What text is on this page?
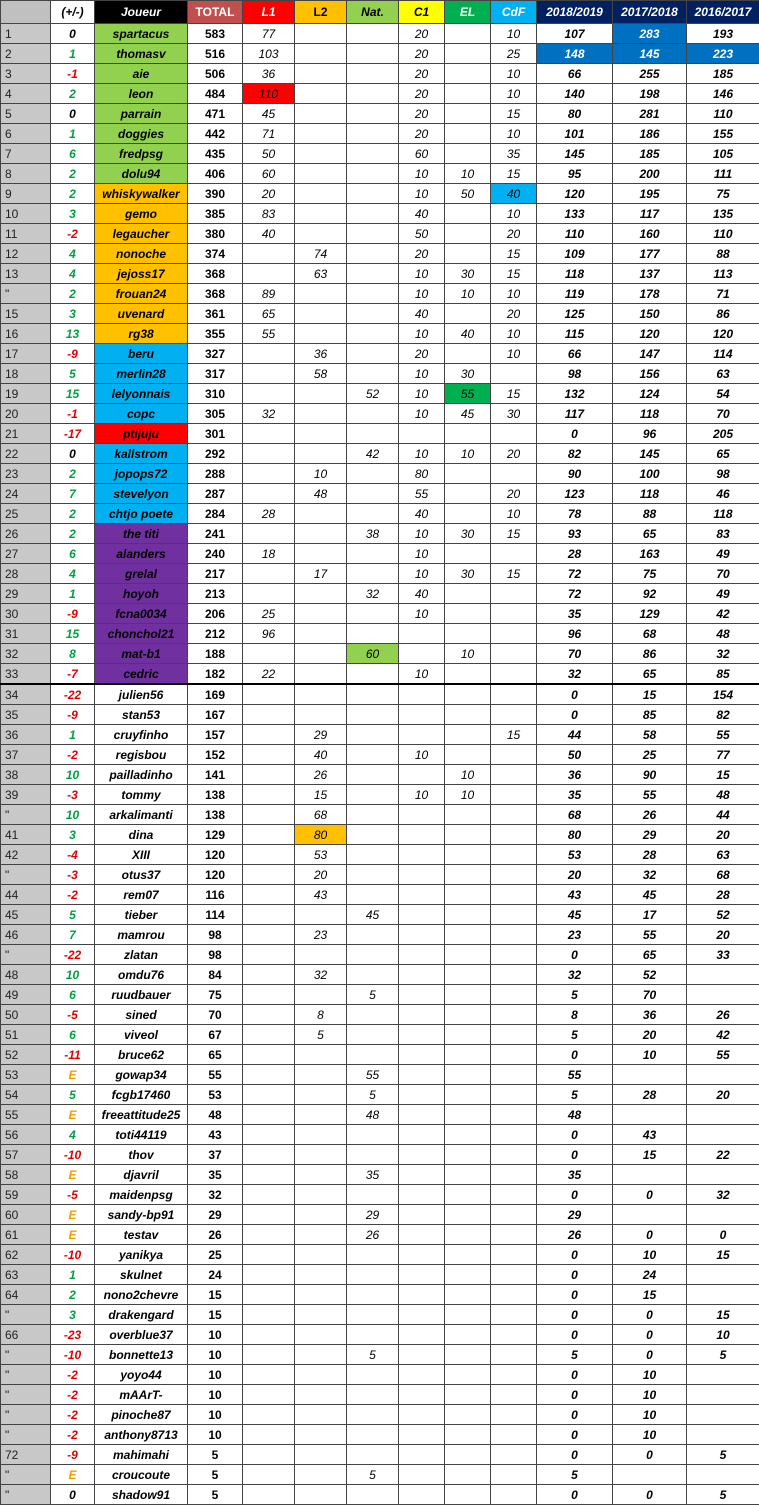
	(+/-)	Joueur	TOTAL	L1	L2	Nat.	C1	EL	CdF	2018/2019	2017/2018	2016/2017
1	0	spartacus	583	77			20		10	107	283	193
2	1	thomasv	516	103			20		25	148	145	223
3	-1	aie	506	36			20		10	66	255	185
4	2	leon	484	110			20		10	140	198	146
5	0	parrain	471	45			20		15	80	281	110
6	1	doggies	442	71			20		10	101	186	155
7	6	fredpsg	435	50			60		35	145	185	105
8	2	dolu94	406	60			10	10	15	95	200	111
9	2	whiskywalker	390	20			10	50	40	120	195	75
10	3	gemo	385	83			40		10	133	117	135
11	-2	legaucher	380	40			50		20	110	160	110
12	4	nonoche	374		74		20		15	109	177	88
13	4	jejoss17	368		63		10	30	15	118	137	113
"	2	frouan24	368	89			10	10	10	119	178	71
15	3	uvenard	361	65			40		20	125	150	86
16	13	rg38	355	55			10	40	10	115	120	120
17	-9	beru	327		36		20		10	66	147	114
18	5	merlin28	317		58		10	30		98	156	63
19	15	lelyonnais	310			52	10	55	15	132	124	54
20	-1	copc	305	32			10	45	30	117	118	70
21	-17	ptijuju	301							0	96	205
22	0	kallstrom	292			42	10	10	20	82	145	65
23	2	jopops72	288		10		80			90	100	98
24	7	stevelyon	287		48		55		20	123	118	46
25	2	chtjo poete	284	28			40		10	78	88	118
26	2	the titi	241			38	10	30	15	93	65	83
27	6	alanders	240	18			10			28	163	49
28	4	grelal	217		17		10	30	15	72	75	70
29	1	hoyoh	213			32	40			72	92	49
30	-9	fcna0034	206	25			10			35	129	42
31	15	chonchol21	212	96						96	68	48
32	8	mat-b1	188			60		10		70	86	32
33	-7	cedric	182	22			10			32	65	85
34	-22	julien56	169							0	15	154
35	-9	stan53	167							0	85	82
36	1	cruyfinho	157		29				15	44	58	55
37	-2	regisbou	152		40		10			50	25	77
38	10	pailladinho	141		26			10		36	90	15
39	-3	tommy	138		15		10	10		35	55	48
"	10	arkalimanti	138		68					68	26	44
41	3	dina	129		80					80	29	20
42	-4	XIII	120		53					53	28	63
"	-3	otus37	120		20					20	32	68
44	-2	rem07	116		43					43	45	28
45	5	tieber	114			45				45	17	52
46	7	mamrou	98		23					23	55	20
"	-22	zlatan	98							0	65	33
48	10	omdu76	84		32					32	52	
49	6	ruudbauer	75			5				5	70	
50	-5	sined	70		8					8	36	26
51	6	viveol	67		5					5	20	42
52	-11	bruce62	65							0	10	55
53	E	gowap34	55			55				55		
54	5	fcgb17460	53			5				5	28	20
55	E	freeattitude25	48			48				48		
56	4	toti44119	43							0	43	
57	-10	thov	37							0	15	22
58	E	djavril	35			35				35		
59	-5	maidenpsg	32							0	0	32
60	E	sandy-bp91	29			29				29		
61	E	testav	26			26				26	0	0
62	-10	yanikya	25							0	10	15
63	1	skulnet	24							0	24	
64	2	nono2chevre	15							0	15	
"	3	drakengard	15							0	0	15
66	-23	overblue37	10							0	0	10
"	-10	bonnette13	10			5				5	0	5
"	-2	yoyo44	10							0	10	
"	-2	mAArT-	10							0	10	
"	-2	pinoche87	10							0	10	
"	-2	anthony8713	10							0	10	
72	-9	mahimahi	5							0	0	5
"	E	croucoute	5			5				5		
"	0	shadow91	5							0	0	5
